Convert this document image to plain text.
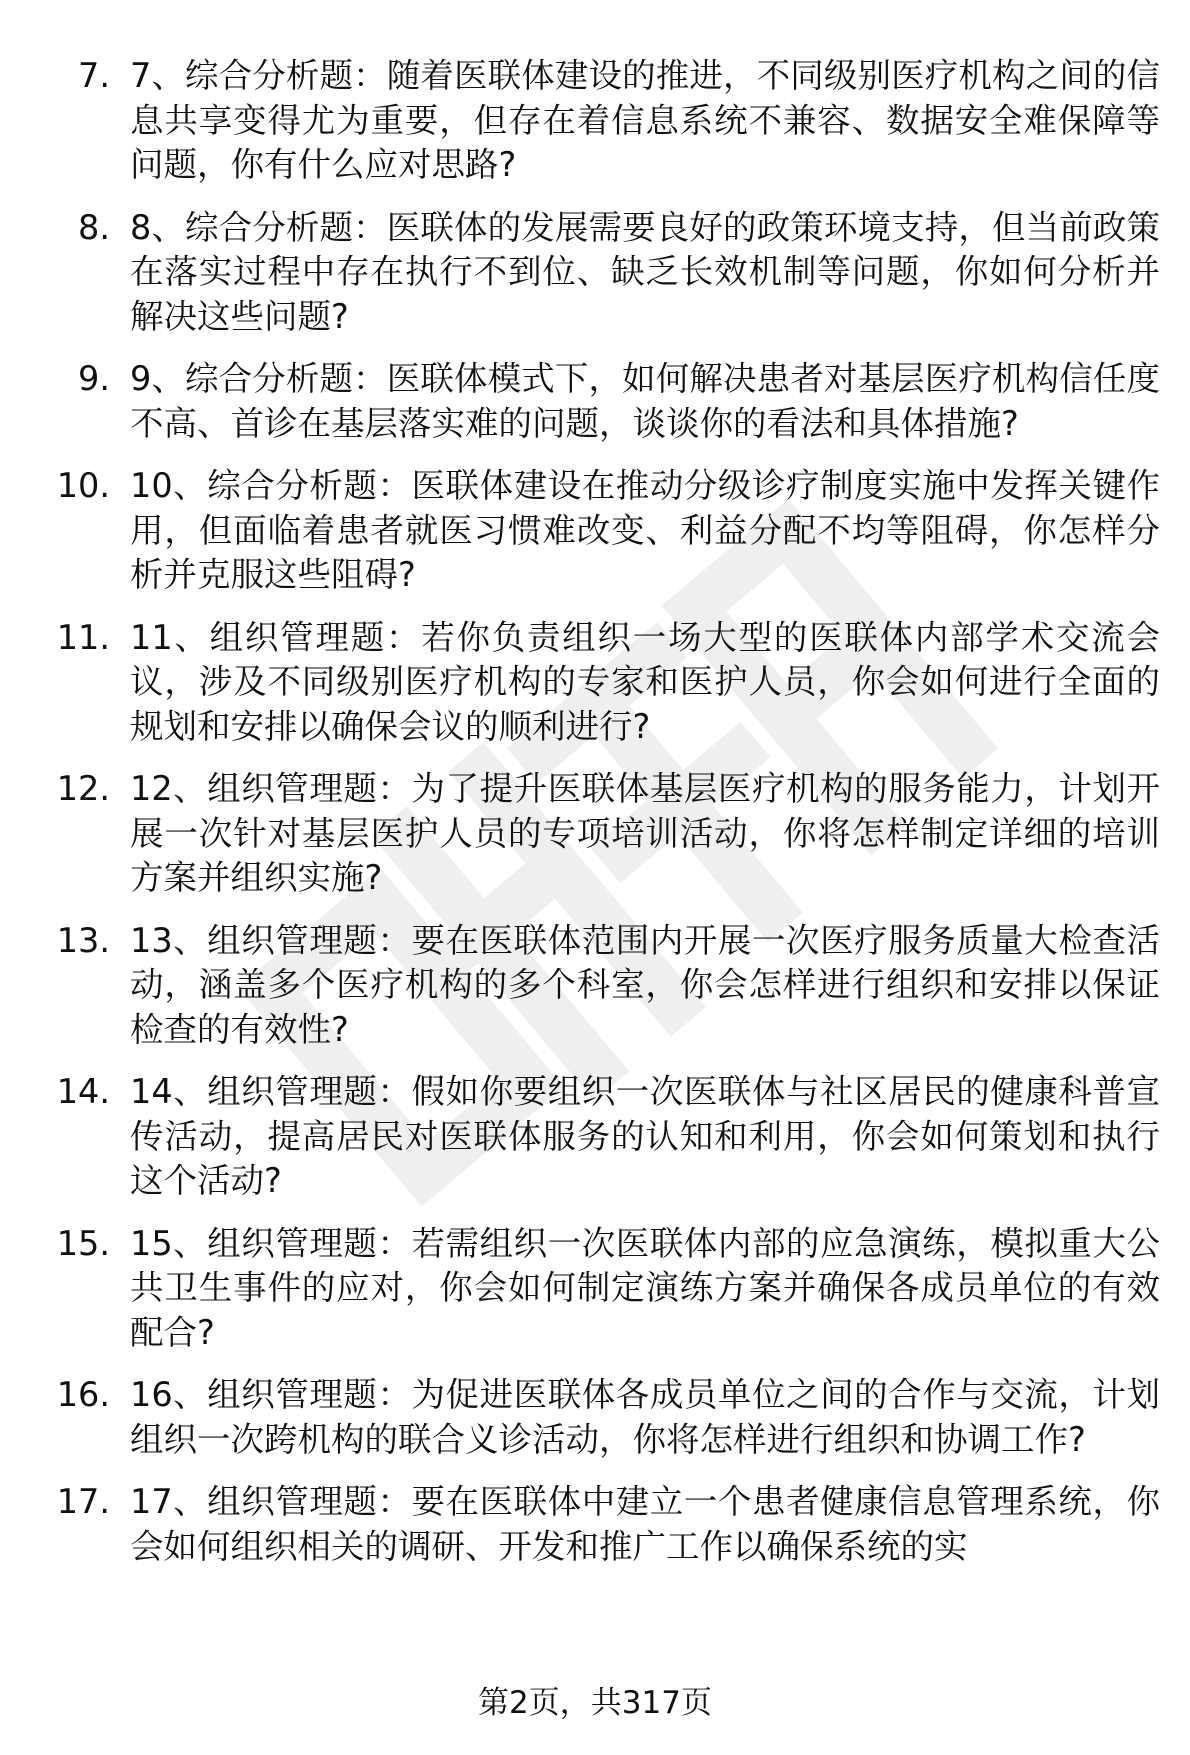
7. 7、综合分析题：随着医联体建设的推进，不同级别医疗机构之间的信息共享变得尤为重要，但存在着信息系统不兼容、数据安全难保障等问题，你有什么应对思路?
8. 8、综合分析题：医联体的发展需要良好的政策环境支持，但当前政策在落实过程中存在执行不到位、缺乏长效机制等问题，你如何分析并解决这些问题?
9. 9、综合分析题：医联体模式下，如何解决患者对基层医疗机构信任度不高、首诊在基层落实难的问题，谈谈你的看法和具体措施?
10. 10、综合分析题：医联体建设在推动分级诊疗制度实施中发挥关键作用，但面临着患者就医习惯难改变、利益分配不均等阻碍，你怎样分析并克服这些阻碍?
11. 11、组织管理题：若你负责组织一场大型的医联体内部学术交流会议，涉及不同级别医疗机构的专家和医护人员，你会如何进行全面的规划和安排以确保会议的顺利进行?
12. 12、组织管理题：为了提升医联体基层医疗机构的服务能力，计划开展一次针对基层医护人员的专项培训活动，你将怎样制定详细的培训方案并组织实施?
13. 13、组织管理题：要在医联体范围内开展一次医疗服务质量大检查活动，涵盖多个医疗机构的多个科室，你会怎样进行组织和安排以保证检查的有效性?
14. 14、组织管理题：假如你要组织一次医联体与社区居民的健康科普宣传活动，提高居民对医联体服务的认知和利用，你会如何策划和执行这个活动?
15. 15、组织管理题：若需组织一次医联体内部的应急演练，模拟重大公共卫生事件的应对，你会如何制定演练方案并确保各成员单位的有效配合?
16. 16、组织管理题：为促进医联体各成员单位之间的合作与交流，计划组织一次跨机构的联合义诊活动，你将怎样进行组织和协调工作?
17. 17、组织管理题：要在医联体中建立一个患者健康信息管理系统，你会如何组织相关的调研、开发和推广工作以确保系统的实
第2页，共317页
